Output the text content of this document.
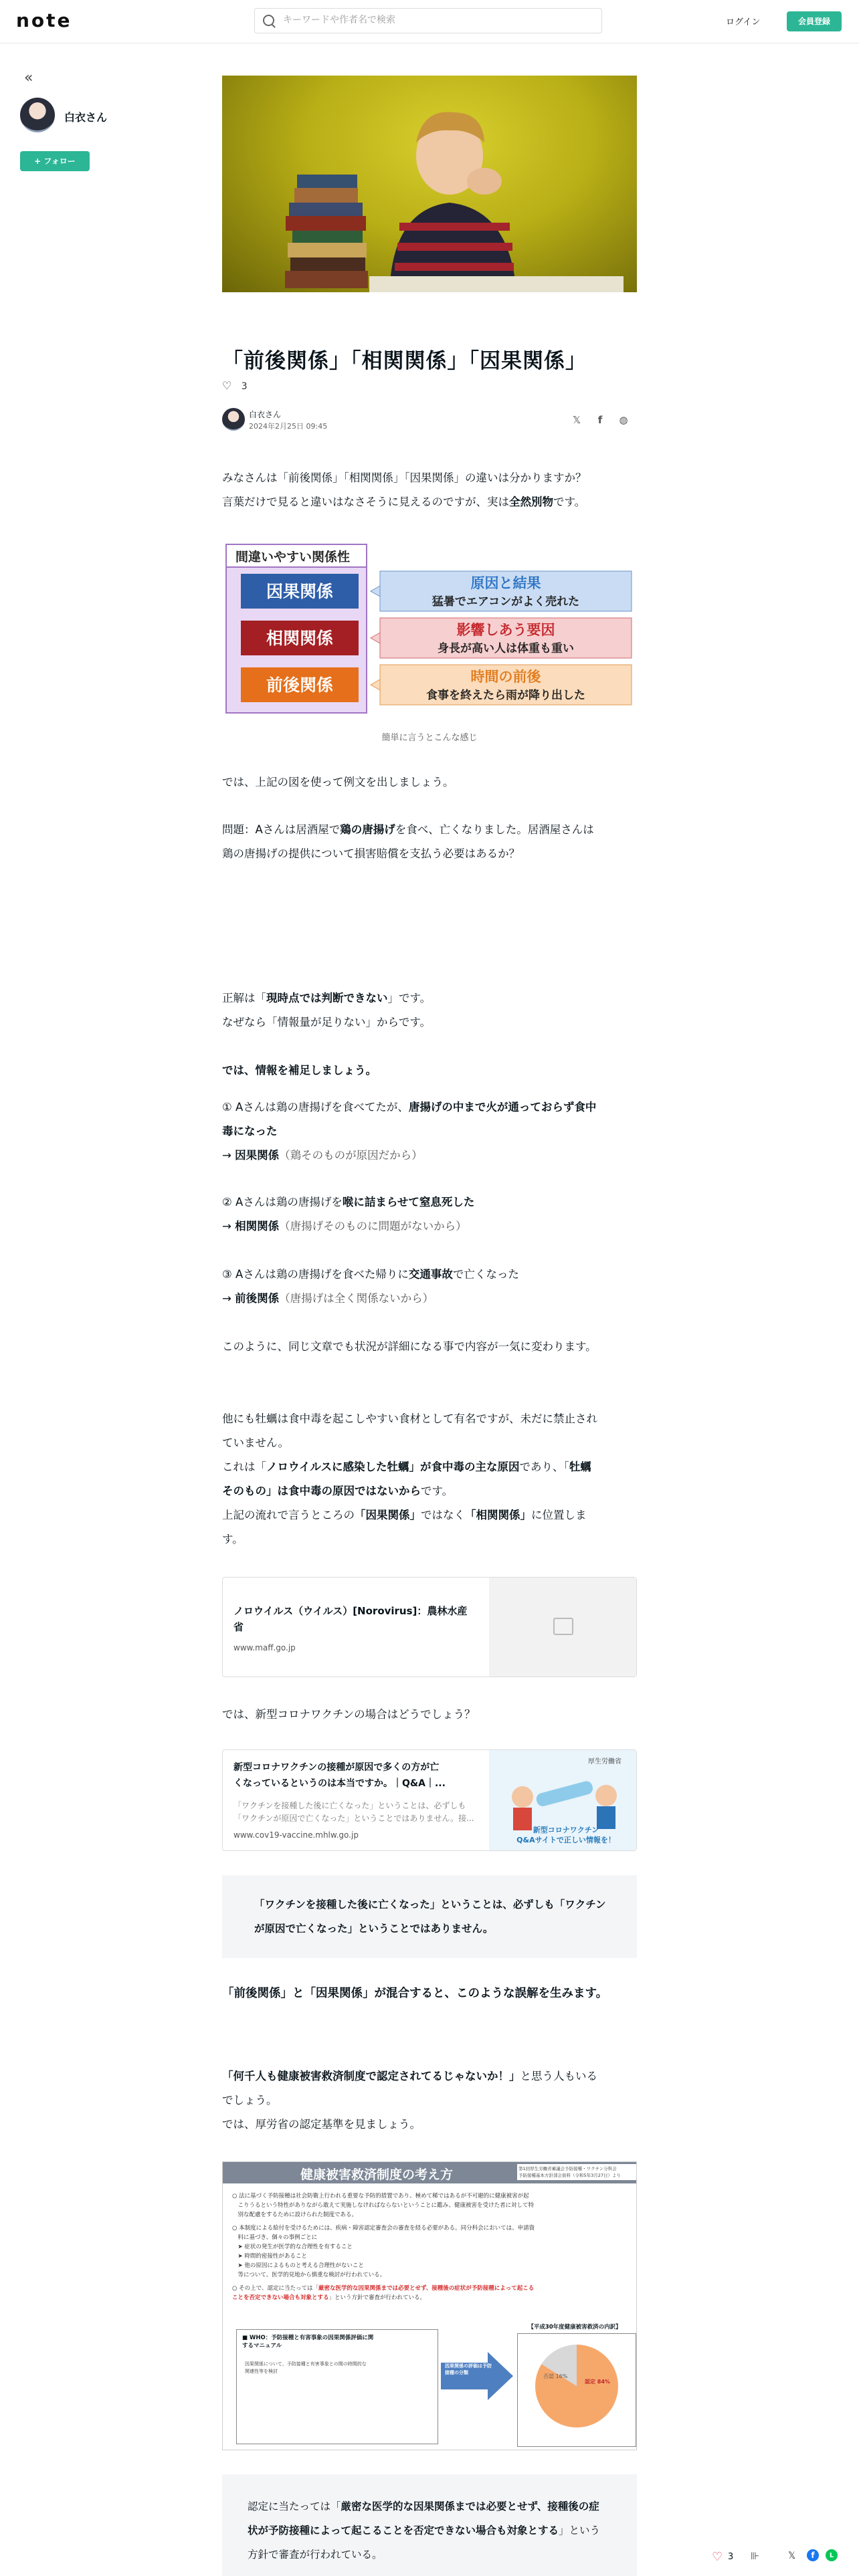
note
キーワードや作者名で検索	ログイン	会員登録
«
白衣さん
+ フォロー
「前後関係」「相関関係」「因果関係」
♡ 3
白衣さん
2024年2月25日 09:45
𝕏	f	◍
みなさんは「前後関係」「相関関係」「因果関係」の違いは分かりますか？
言葉だけで見ると違いはなさそうに見えるのですが、実は全然別物です。
間違いやすい関係性
因果関係
相関関係
前後関係
原因と結果
猛暑でエアコンがよく売れた
影響しあう要因
身長が高い人は体重も重い
時間の前後
食事を終えたら雨が降り出した
簡単に言うとこんな感じ
では、上記の図を使って例文を出しましょう。
問題：Aさんは居酒屋で鶏の唐揚げを食べ、亡くなりました。居酒屋さんは
鶏の唐揚げの提供について損害賠償を支払う必要はあるか？
正解は「現時点では判断できない」です。
なぜなら「情報量が足りない」からです。
では、情報を補足しましょう。
① Aさんは鶏の唐揚げを食べてたが、唐揚げの中まで火が通っておらず食中
毒になった
→ 因果関係（鶏そのものが原因だから）
② Aさんは鶏の唐揚げを喉に詰まらせて窒息死した
→ 相関関係（唐揚げそのものに問題がないから）
③ Aさんは鶏の唐揚げを食べた帰りに交通事故で亡くなった
→ 前後関係（唐揚げは全く関係ないから）
このように、同じ文章でも状況が詳細になる事で内容が一気に変わります。
他にも牡蠣は食中毒を起こしやすい食材として有名ですが、未だに禁止され
ていません。
これは「ノロウイルスに感染した牡蠣」が食中毒の主な原因であり、「牡蠣
そのもの」は食中毒の原因ではないからです。
上記の流れで言うところの「因果関係」ではなく「相関関係」に位置しま
す。
ノロウイルス（ウイルス）[Norovirus]：農林水産
省
www.maff.go.jp
では、新型コロナワクチンの場合はどうでしょう？
新型コロナワクチンの接種が原因で多くの方が亡
くなっているというのは本当ですか。｜Q&A｜...
「ワクチンを接種した後に亡くなった」ということは、必ずしも
「ワクチンが原因で亡くなった」ということではありません。接...
www.cov19-vaccine.mhlw.go.jp
厚生労働省
新型コロナワクチン
Q&Aサイトで正しい情報を！
「ワクチンを接種した後に亡くなった」ということは、必ずしも「ワクチン
が原因で亡くなった」ということではありません。
「前後関係」と「因果関係」が混合すると、このような誤解を生みます。
「何千人も健康被害救済制度で認定されてるじゃないか！」と思う人もいる
でしょう。
では、厚労省の認定基準を見ましょう。
健康被害救済制度の考え方	第1回厚生労働省審議会予防接種・ワクチン分科会
予防接種基本方針部会資料（令和5年3月27日）より
○ 法に基づく予防接種は社会防衛上行われる重要な予防的措置であり、極めて稀ではあるが不可避的に健康被害が起
　こりうるという特性がありながら敢えて実施しなければならないということに鑑み、健康被害を受けた者に対して特
　別な配慮をするために設けられた制度である。
○ 本制度による給付を受けるためには、疾病・障害認定審査会の審査を経る必要がある。同分科会においては、申請資
　料に基づき、個々の事例ごとに
　➤ 症状の発生が医学的な合理性を有すること
　➤ 時間的密接性があること
　➤ 他の原因によるものと考える合理性がないこと
　等について、医学的見地から慎重な検討が行われている。
○ その上で、認定に当たっては「厳密な医学的な因果関係までは必要とせず、接種後の症状が予防接種によって起こる
ことを否定できない場合も対象とする」という方針で審査が行われている。
■ WHO：予防接種と有害事象の因果関係評価に関するマニュアル
因果関係について、予防接種と有害事象との間の時間的な関連性等を検討
因果関係の評価は予防接種の分類
【平成30年度健康被害救済の内訳】
認定 84%
否認 16%
認定に当たっては「厳密な医学的な因果関係までは必要とせず、接種後の症
状が予防接種によって起こることを否定できない場合も対象とする」という
方針で審査が行われている。	♡ 3 ⊪	𝕏	f	L
